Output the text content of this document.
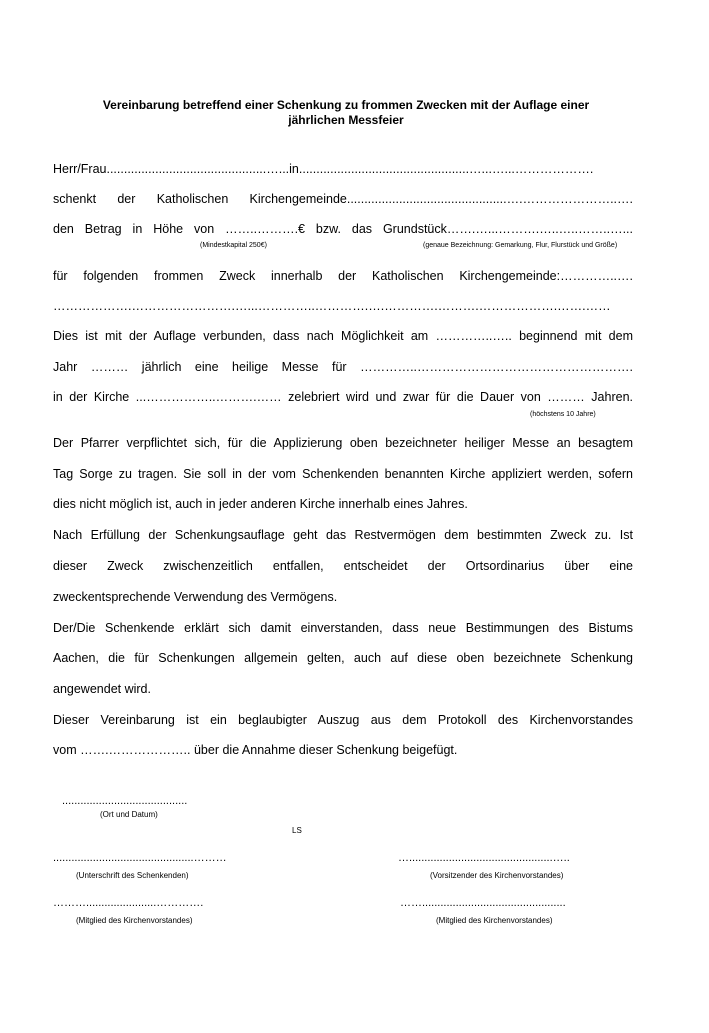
Vereinbarung betreffend einer Schenkung zu frommen Zwecken mit der Auflage einer
jährlichen Messfeier
Herr/Frau..............................................…...in.................................................…...…...……………….
schenkt der Katholischen Kirchengemeinde..............................................….…………………..….
den Betrag in Höhe von ……..……….€ bzw. das Grundstück…….…...……….…..…..……..…...
(Mindestkapital 250€)	(genaue Bezeichnung: Gemarkung, Flur, Flurstück und Größe)
für folgenden frommen Zweck innerhalb der Katholischen Kirchengemeinde:…………..….
……………….…………………….…...…………..………….….………….……….……………….…….……
Dies ist mit der Auflage verbunden, dass nach Möglichkeit am …………..….. beginnend mit dem
Jahr ……… jährlich eine heilige Messe für …………..…………………………………………….
in der Kirche ...……………..……….…… zelebriert wird und zwar für die Dauer von ……… Jahren.
(höchstens 10 Jahre)
Der Pfarrer verpflichtet sich, für die Applizierung oben bezeichneter heiliger Messe an besagtem
Tag Sorge zu tragen. Sie soll in der vom Schenkenden benannten Kirche appliziert werden, sofern
dies nicht möglich ist, auch in jeder anderen Kirche innerhalb eines Jahres.
Nach Erfüllung der Schenkungsauflage geht das Restvermögen dem bestimmten Zweck zu. Ist
dieser Zweck zwischenzeitlich entfallen, entscheidet der Ortsordinarius über eine
zweckentsprechende Verwendung des Vermögens.
Der/Die Schenkende erklärt sich damit einverstanden, dass neue Bestimmungen des Bistums
Aachen, die für Schenkungen allgemein gelten, auch auf diese oben bezeichnete Schenkung
angewendet wird.
Dieser Vereinbarung ist ein beglaubigter Auszug aus dem Protokoll des Kirchenvorstandes
vom …….……………….. über die Annahme dieser Schenkung beigefügt.
.........................................
(Ort und Datum)
LS
..............................................………
(Unterschrift des Schenkenden)
…...............................................…..
(Vorsitzender des Kirchenvorstandes)
……….......................………….
(Mitglied des Kirchenvorstandes)
……...............................................
(Mitglied des Kirchenvorstandes)
